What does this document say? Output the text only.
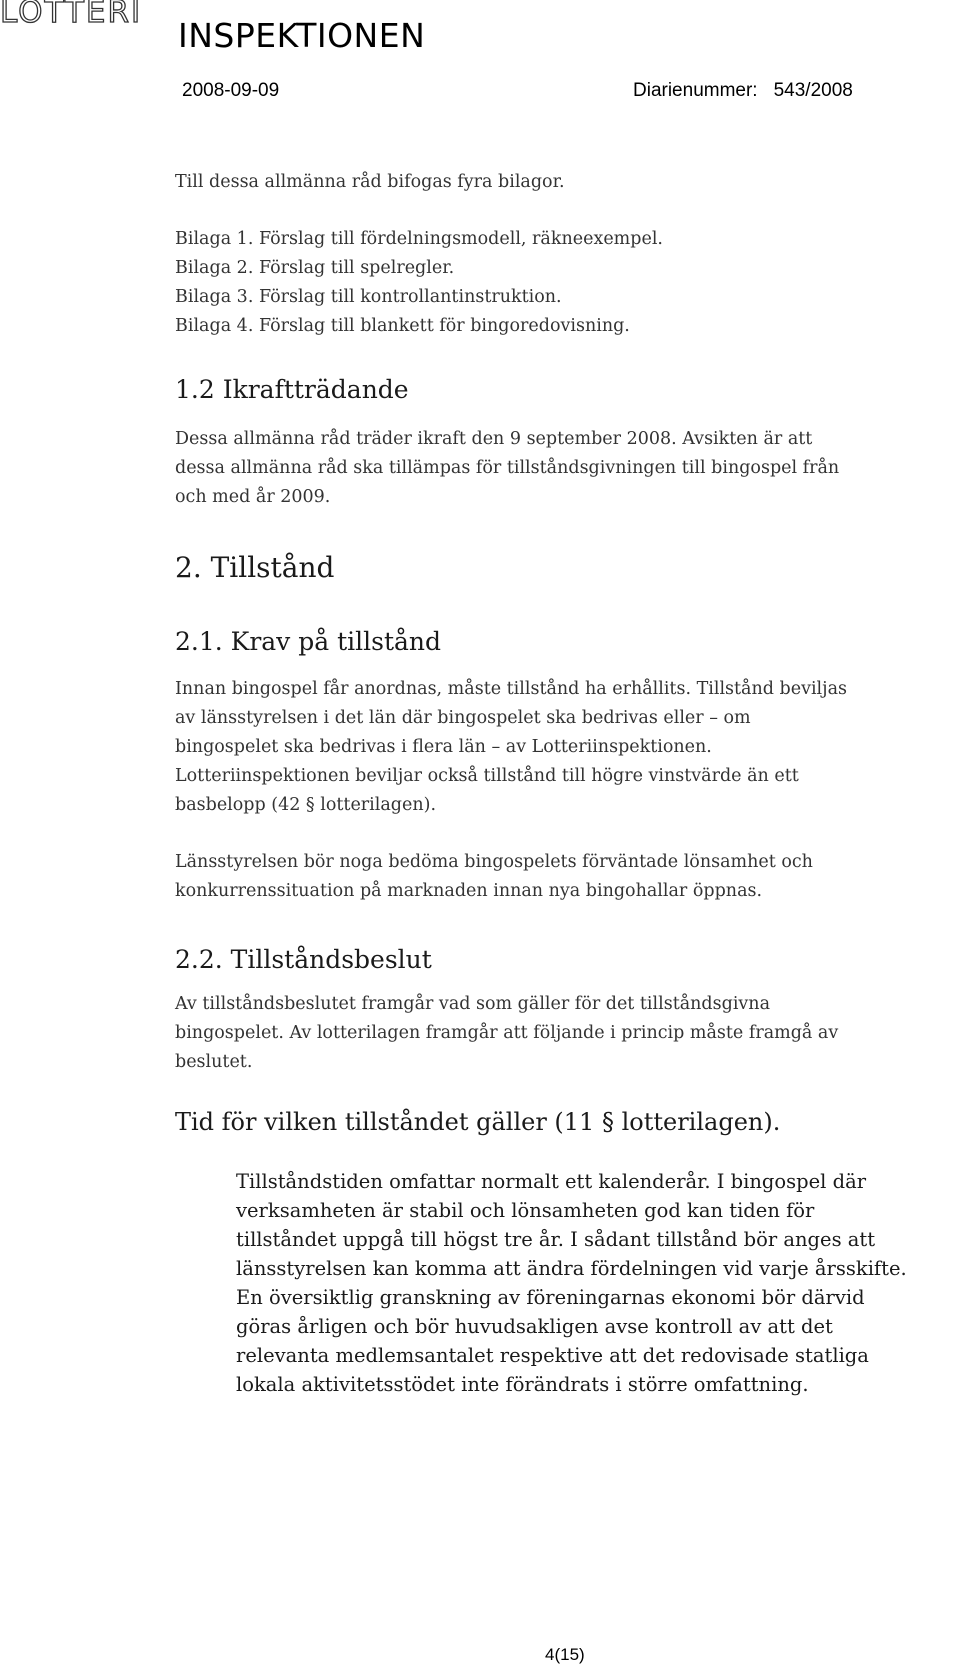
LOTTERI
INSPEKTIONEN
2008-09-09	Diarienummer: 543/2008
Till dessa allmänna råd bifogas fyra bilagor.
Bilaga 1. Förslag till fördelningsmodell, räkneexempel.
Bilaga 2. Förslag till spelregler.
Bilaga 3. Förslag till kontrollantinstruktion.
Bilaga 4. Förslag till blankett för bingoredovisning.
1.2 Ikraftträdande
Dessa allmänna råd träder ikraft den 9 september 2008. Avsikten är att
dessa allmänna råd ska tillämpas för tillståndsgivningen till bingospel från
och med år 2009.
2. Tillstånd
2.1. Krav på tillstånd
Innan bingospel får anordnas, måste tillstånd ha erhållits. Tillstånd beviljas
av länsstyrelsen i det län där bingospelet ska bedrivas eller – om
bingospelet ska bedrivas i flera län – av Lotteriinspektionen.
Lotteriinspektionen beviljar också tillstånd till högre vinstvärde än ett
basbelopp (42 § lotterilagen).
Länsstyrelsen bör noga bedöma bingospelets förväntade lönsamhet och
konkurrenssituation på marknaden innan nya bingohallar öppnas.
2.2. Tillståndsbeslut
Av tillståndsbeslutet framgår vad som gäller för det tillståndsgivna
bingospelet. Av lotterilagen framgår att följande i princip måste framgå av
beslutet.
Tid för vilken tillståndet gäller (11 § lotterilagen).
Tillståndstiden omfattar normalt ett kalenderår. I bingospel där
verksamheten är stabil och lönsamheten god kan tiden för
tillståndet uppgå till högst tre år. I sådant tillstånd bör anges att
länsstyrelsen kan komma att ändra fördelningen vid varje årsskifte.
En översiktlig granskning av föreningarnas ekonomi bör därvid
göras årligen och bör huvudsakligen avse kontroll av att det
relevanta medlemsantalet respektive att det redovisade statliga
lokala aktivitetsstödet inte förändrats i större omfattning.
4(15)
